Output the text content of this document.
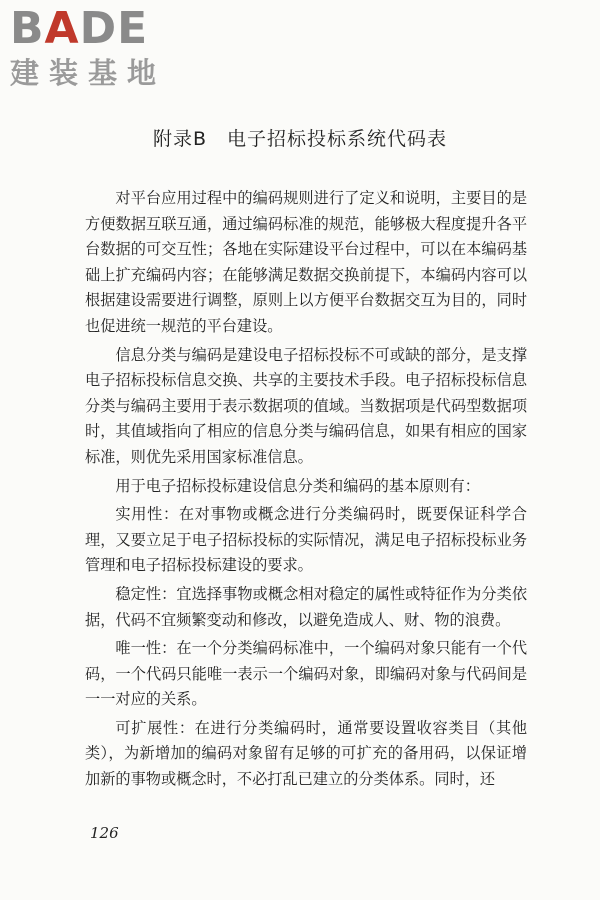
BADE
建装基地
附录B　电子招标投标系统代码表

对平台应用过程中的编码规则进行了定义和说明，主要目的是方便数据互联互通，通过编码标准的规范，能够极大程度提升各平台数据的可交互性；各地在实际建设平台过程中，可以在本编码基础上扩充编码内容；在能够满足数据交换前提下，本编码内容可以根据建设需要进行调整，原则上以方便平台数据交互为目的，同时也促进统一规范的平台建设。

信息分类与编码是建设电子招标投标不可或缺的部分，是支撑电子招标投标信息交换、共享的主要技术手段。电子招标投标信息分类与编码主要用于表示数据项的值域。当数据项是代码型数据项时，其值域指向了相应的信息分类与编码信息，如果有相应的国家标准，则优先采用国家标准信息。

用于电子招标投标建设信息分类和编码的基本原则有：

实用性：在对事物或概念进行分类编码时，既要保证科学合理，又要立足于电子招标投标的实际情况，满足电子招标投标业务管理和电子招标投标建设的要求。

稳定性：宜选择事物或概念相对稳定的属性或特征作为分类依据，代码不宜频繁变动和修改，以避免造成人、财、物的浪费。

唯一性：在一个分类编码标准中，一个编码对象只能有一个代码，一个代码只能唯一表示一个编码对象，即编码对象与代码间是一一对应的关系。

可扩展性：在进行分类编码时，通常要设置收容类目（其他类），为新增加的编码对象留有足够的可扩充的备用码，以保证增加新的事物或概念时，不必打乱已建立的分类体系。同时，还

126
